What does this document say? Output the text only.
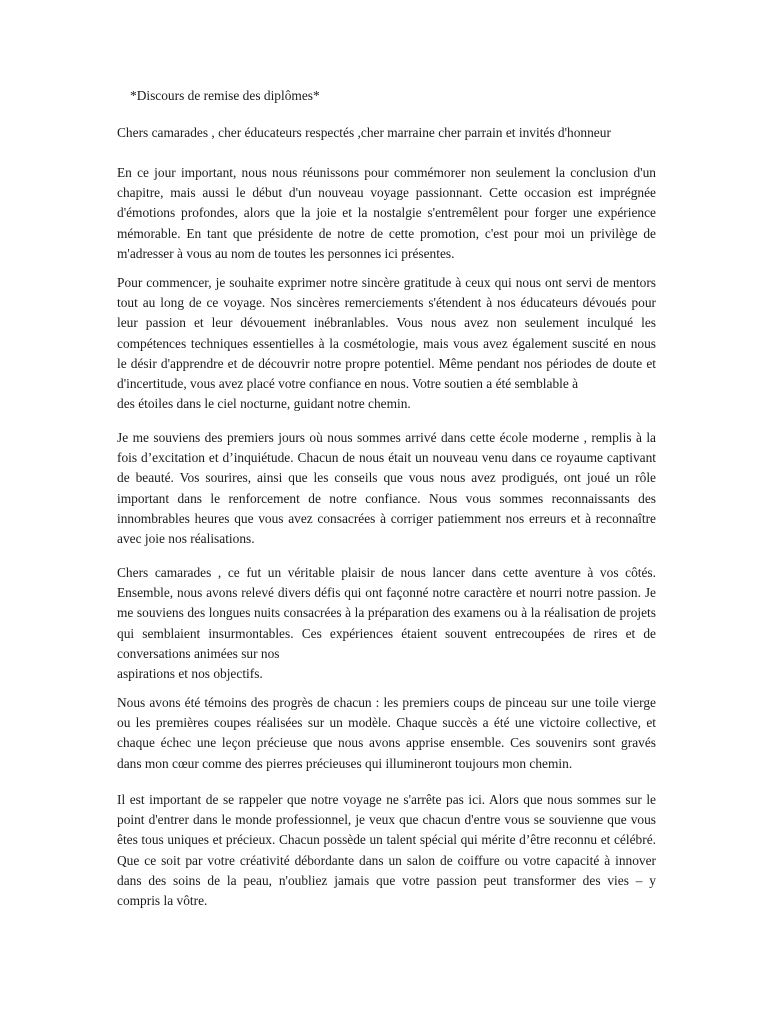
*Discours de remise des diplômes*
Chers camarades , cher éducateurs respectés ,cher marraine cher parrain et invités d'honneur

En ce jour important, nous nous réunissons pour commémorer non seulement la conclusion d'un
chapitre, mais aussi le début d'un nouveau voyage passionnant. Cette occasion est imprégnée
d'émotions profondes, alors que la joie et la nostalgie s'entremêlent pour forger une expérience
mémorable. En tant que présidente de notre de cette promotion, c'est pour moi un privilège de
m'adresser à vous au nom de toutes les personnes ici présentes.

Pour commencer, je souhaite exprimer notre sincère gratitude à ceux qui nous ont servi de mentors
tout au long de ce voyage. Nos sincères remerciements s'étendent à nos éducateurs dévoués pour
leur passion et leur dévouement inébranlables. Vous nous avez non seulement inculqué les
compétences techniques essentielles à la cosmétologie, mais vous avez également suscité en nous
le désir d'apprendre et de découvrir notre propre potentiel. Même pendant nos périodes de doute et
d'incertitude, vous avez placé votre confiance en nous. Votre soutien a été semblable à
des étoiles dans le ciel nocturne, guidant notre chemin.

Je me souviens des premiers jours où nous sommes arrivé dans cette école moderne , remplis à la
fois d’excitation et d’inquiétude. Chacun de nous était un nouveau venu dans ce royaume captivant
de beauté. Vos sourires, ainsi que les conseils que vous nous avez prodigués, ont joué un rôle
important dans le renforcement de notre confiance. Nous vous sommes reconnaissants des
innombrables heures que vous avez consacrées à corriger patiemment nos erreurs et à reconnaître
avec joie nos réalisations.

Chers camarades , ce fut un véritable plaisir de nous lancer dans cette aventure à vos côtés.
Ensemble, nous avons relevé divers défis qui ont façonné notre caractère et nourri notre passion. Je
me souviens des longues nuits consacrées à la préparation des examens ou à la réalisation de projets
qui semblaient insurmontables. Ces expériences étaient souvent entrecoupées de rires et de
conversations animées sur nos
aspirations et nos objectifs.

Nous avons été témoins des progrès de chacun : les premiers coups de pinceau sur une toile vierge
ou les premières coupes réalisées sur un modèle. Chaque succès a été une victoire collective, et
chaque échec une leçon précieuse que nous avons apprise ensemble. Ces souvenirs sont gravés
dans mon cœur comme des pierres précieuses qui illumineront toujours mon chemin.

Il est important de se rappeler que notre voyage ne s'arrête pas ici. Alors que nous sommes sur le
point d'entrer dans le monde professionnel, je veux que chacun d'entre vous se souvienne que vous
êtes tous uniques et précieux. Chacun possède un talent spécial qui mérite d’être reconnu et célébré.
Que ce soit par votre créativité débordante dans un salon de coiffure ou votre capacité à innover
dans des soins de la peau, n'oubliez jamais que votre passion peut transformer des vies – y
compris la vôtre.
